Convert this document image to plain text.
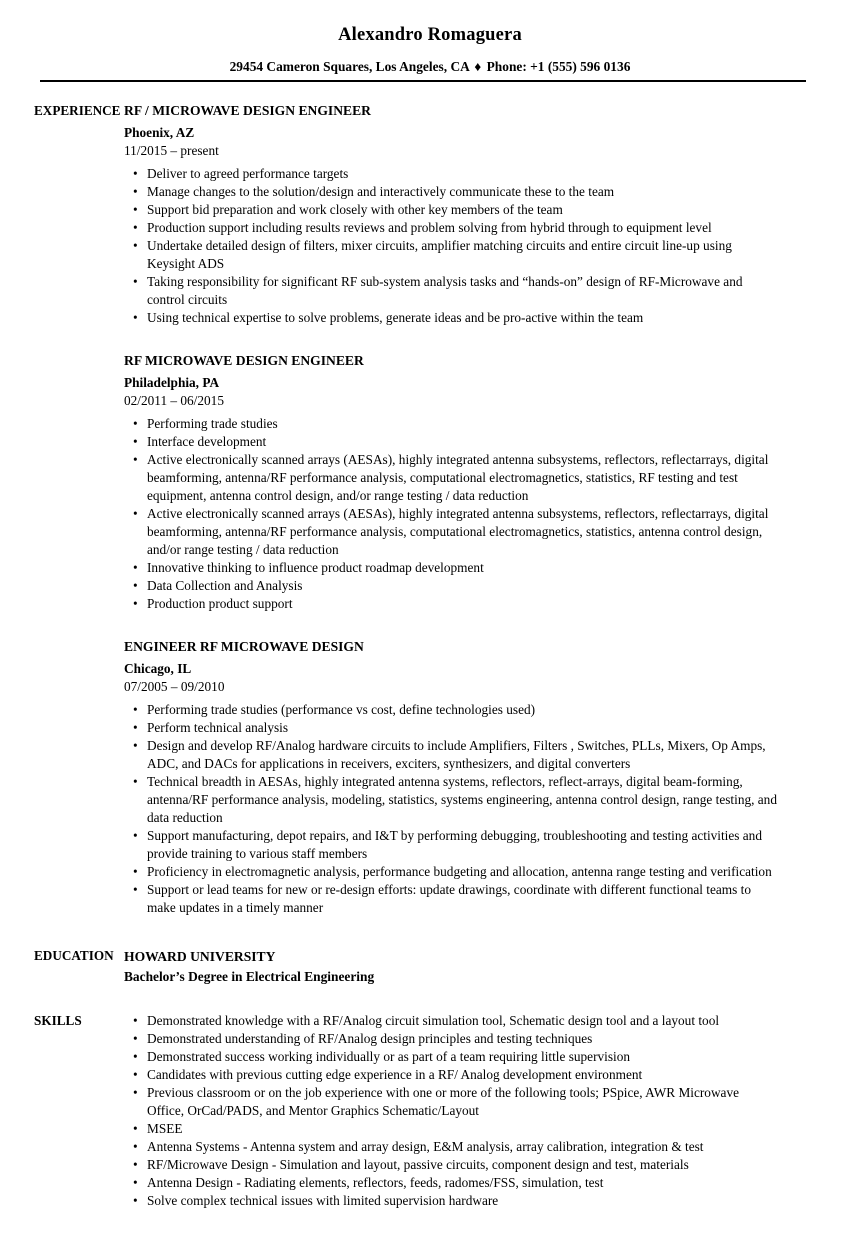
Alexandro Romaguera
29454 Cameron Squares, Los Angeles, CA ♦ Phone: +1 (555) 596 0136
EXPERIENCE RF / MICROWAVE DESIGN ENGINEER
Phoenix, AZ
11/2015 – present
• Deliver to agreed performance targets
• Manage changes to the solution/design and interactively communicate these to the team
• Support bid preparation and work closely with other key members of the team
• Production support including results reviews and problem solving from hybrid through to equipment level
• Undertake detailed design of filters, mixer circuits, amplifier matching circuits and entire circuit line-up using Keysight ADS
• Taking responsibility for significant RF sub-system analysis tasks and “hands-on” design of RF-Microwave and control circuits
• Using technical expertise to solve problems, generate ideas and be pro-active within the team
RF MICROWAVE DESIGN ENGINEER
Philadelphia, PA
02/2011 – 06/2015
• Performing trade studies
• Interface development
• Active electronically scanned arrays (AESAs), highly integrated antenna subsystems, reflectors, reflectarrays, digital beamforming, antenna/RF performance analysis, computational electromagnetics, statistics, RF testing and test equipment, antenna control design, and/or range testing / data reduction
• Active electronically scanned arrays (AESAs), highly integrated antenna subsystems, reflectors, reflectarrays, digital beamforming, antenna/RF performance analysis, computational electromagnetics, statistics, antenna control design, and/or range testing / data reduction
• Innovative thinking to influence product roadmap development
• Data Collection and Analysis
• Production product support
ENGINEER RF MICROWAVE DESIGN
Chicago, IL
07/2005 – 09/2010
• Performing trade studies (performance vs cost, define technologies used)
• Perform technical analysis
• Design and develop RF/Analog hardware circuits to include Amplifiers, Filters , Switches, PLLs, Mixers, Op Amps, ADC, and DACs for applications in receivers, exciters, synthesizers, and digital converters
• Technical breadth in AESAs, highly integrated antenna systems, reflectors, reflect-arrays, digital beam-forming, antenna/RF performance analysis, modeling, statistics, systems engineering, antenna control design, range testing, and data reduction
• Support manufacturing, depot repairs, and I&T by performing debugging, troubleshooting and testing activities and provide training to various staff members
• Proficiency in electromagnetic analysis, performance budgeting and allocation, antenna range testing and verification
• Support or lead teams for new or re-design efforts: update drawings, coordinate with different functional teams to make updates in a timely manner
EDUCATION HOWARD UNIVERSITY
Bachelor’s Degree in Electrical Engineering
SKILLS	• Demonstrated knowledge with a RF/Analog circuit simulation tool, Schematic design tool and a layout tool
• Demonstrated understanding of RF/Analog design principles and testing techniques
• Demonstrated success working individually or as part of a team requiring little supervision
• Candidates with previous cutting edge experience in a RF/ Analog development environment
• Previous classroom or on the job experience with one or more of the following tools; PSpice, AWR Microwave Office, OrCad/PADS, and Mentor Graphics Schematic/Layout
• MSEE
• Antenna Systems - Antenna system and array design, E&M analysis, array calibration, integration & test
• RF/Microwave Design - Simulation and layout, passive circuits, component design and test, materials
• Antenna Design - Radiating elements, reflectors, feeds, radomes/FSS, simulation, test
• Solve complex technical issues with limited supervision hardware
